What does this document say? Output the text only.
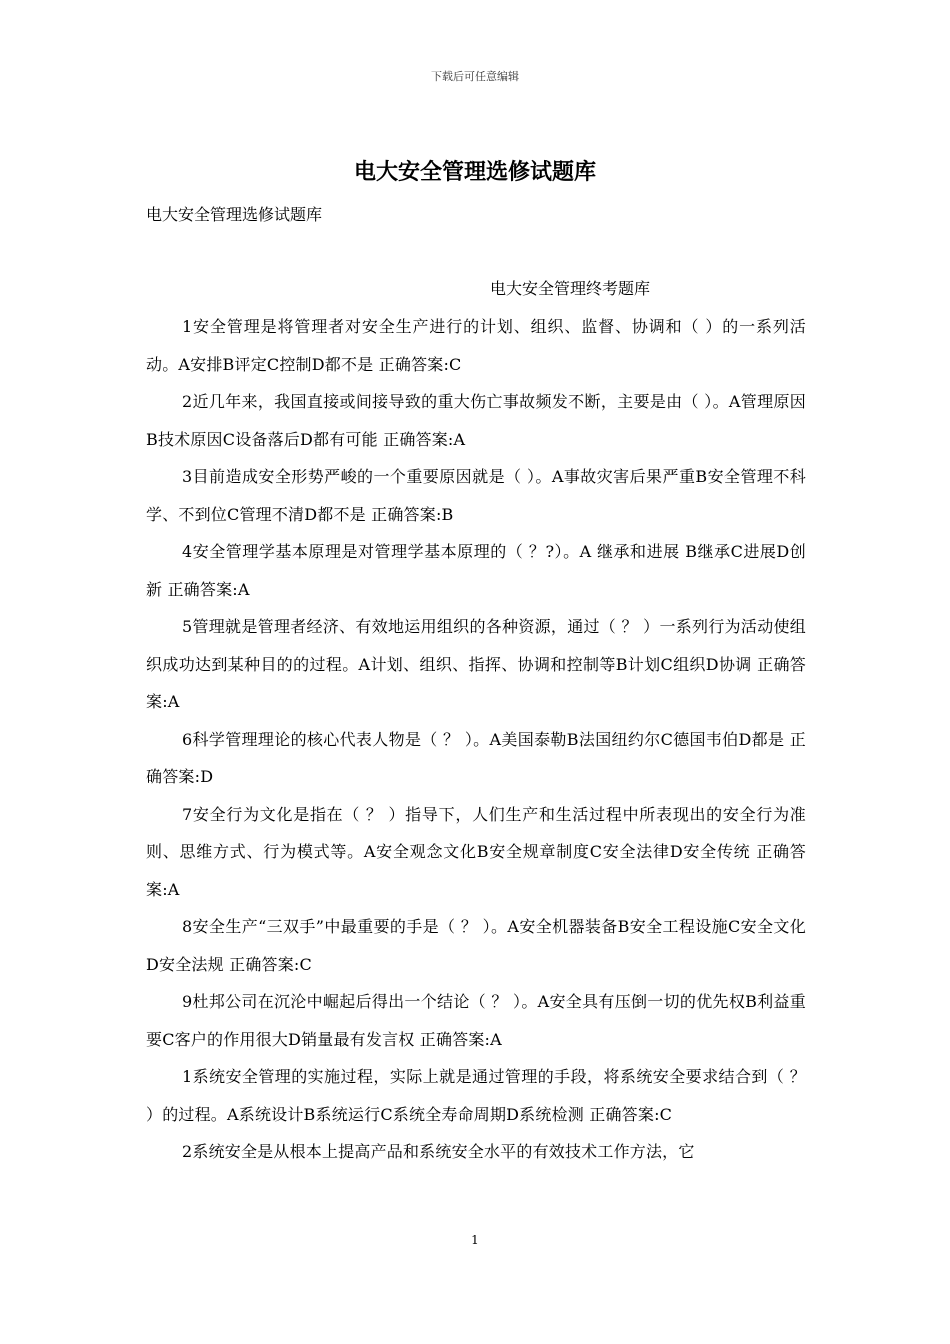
下载后可任意编辑
电大安全管理选修试题库
电大安全管理选修试题库
电大安全管理终考题库

1安全管理是将管理者对安全生产进行的计划、组织、监督、协调和（ ）的一系列活动。A安排B评定C控制D都不是 正确答案:C

2近几年来，我国直接或间接导致的重大伤亡事故频发不断，主要是由（ ）。A管理原因B技术原因C设备落后D都有可能 正确答案:A

3目前造成安全形势严峻的一个重要原因就是（ ）。A事故灾害后果严重B安全管理不科学、不到位C管理不清D都不是 正确答案:B

4安全管理学基本原理是对管理学基本原理的（ ？?）。A 继承和进展 B继承C进展D创新 正确答案:A

5管理就是管理者经济、有效地运用组织的各种资源，通过（ ？ ）一系列行为活动使组织成功达到某种目的的过程。A计划、组织、指挥、协调和控制等B计划C组织D协调 正确答案:A

6科学管理理论的核心代表人物是（ ？ ）。A美国泰勒B法国纽约尔C德国韦伯D都是 正确答案:D

7安全行为文化是指在（ ？ ）指导下，人们生产和生活过程中所表现出的安全行为准则、思维方式、行为模式等。A安全观念文化B安全规章制度C安全法律D安全传统 正确答案:A

8安全生产“三双手”中最重要的手是（ ？ ）。A安全机器装备B安全工程设施C安全文化D安全法规 正确答案:C

9杜邦公司在沉沦中崛起后得出一个结论（ ？ ）。A安全具有压倒一切的优先权B利益重要C客户的作用很大D销量最有发言权 正确答案:A

1系统安全管理的实施过程，实际上就是通过管理的手段，将系统安全要求结合到（ ？ ）的过程。A系统设计B系统运行C系统全寿命周期D系统检测 正确答案:C

2系统安全是从根本上提高产品和系统安全水平的有效技术工作方法，它

1
